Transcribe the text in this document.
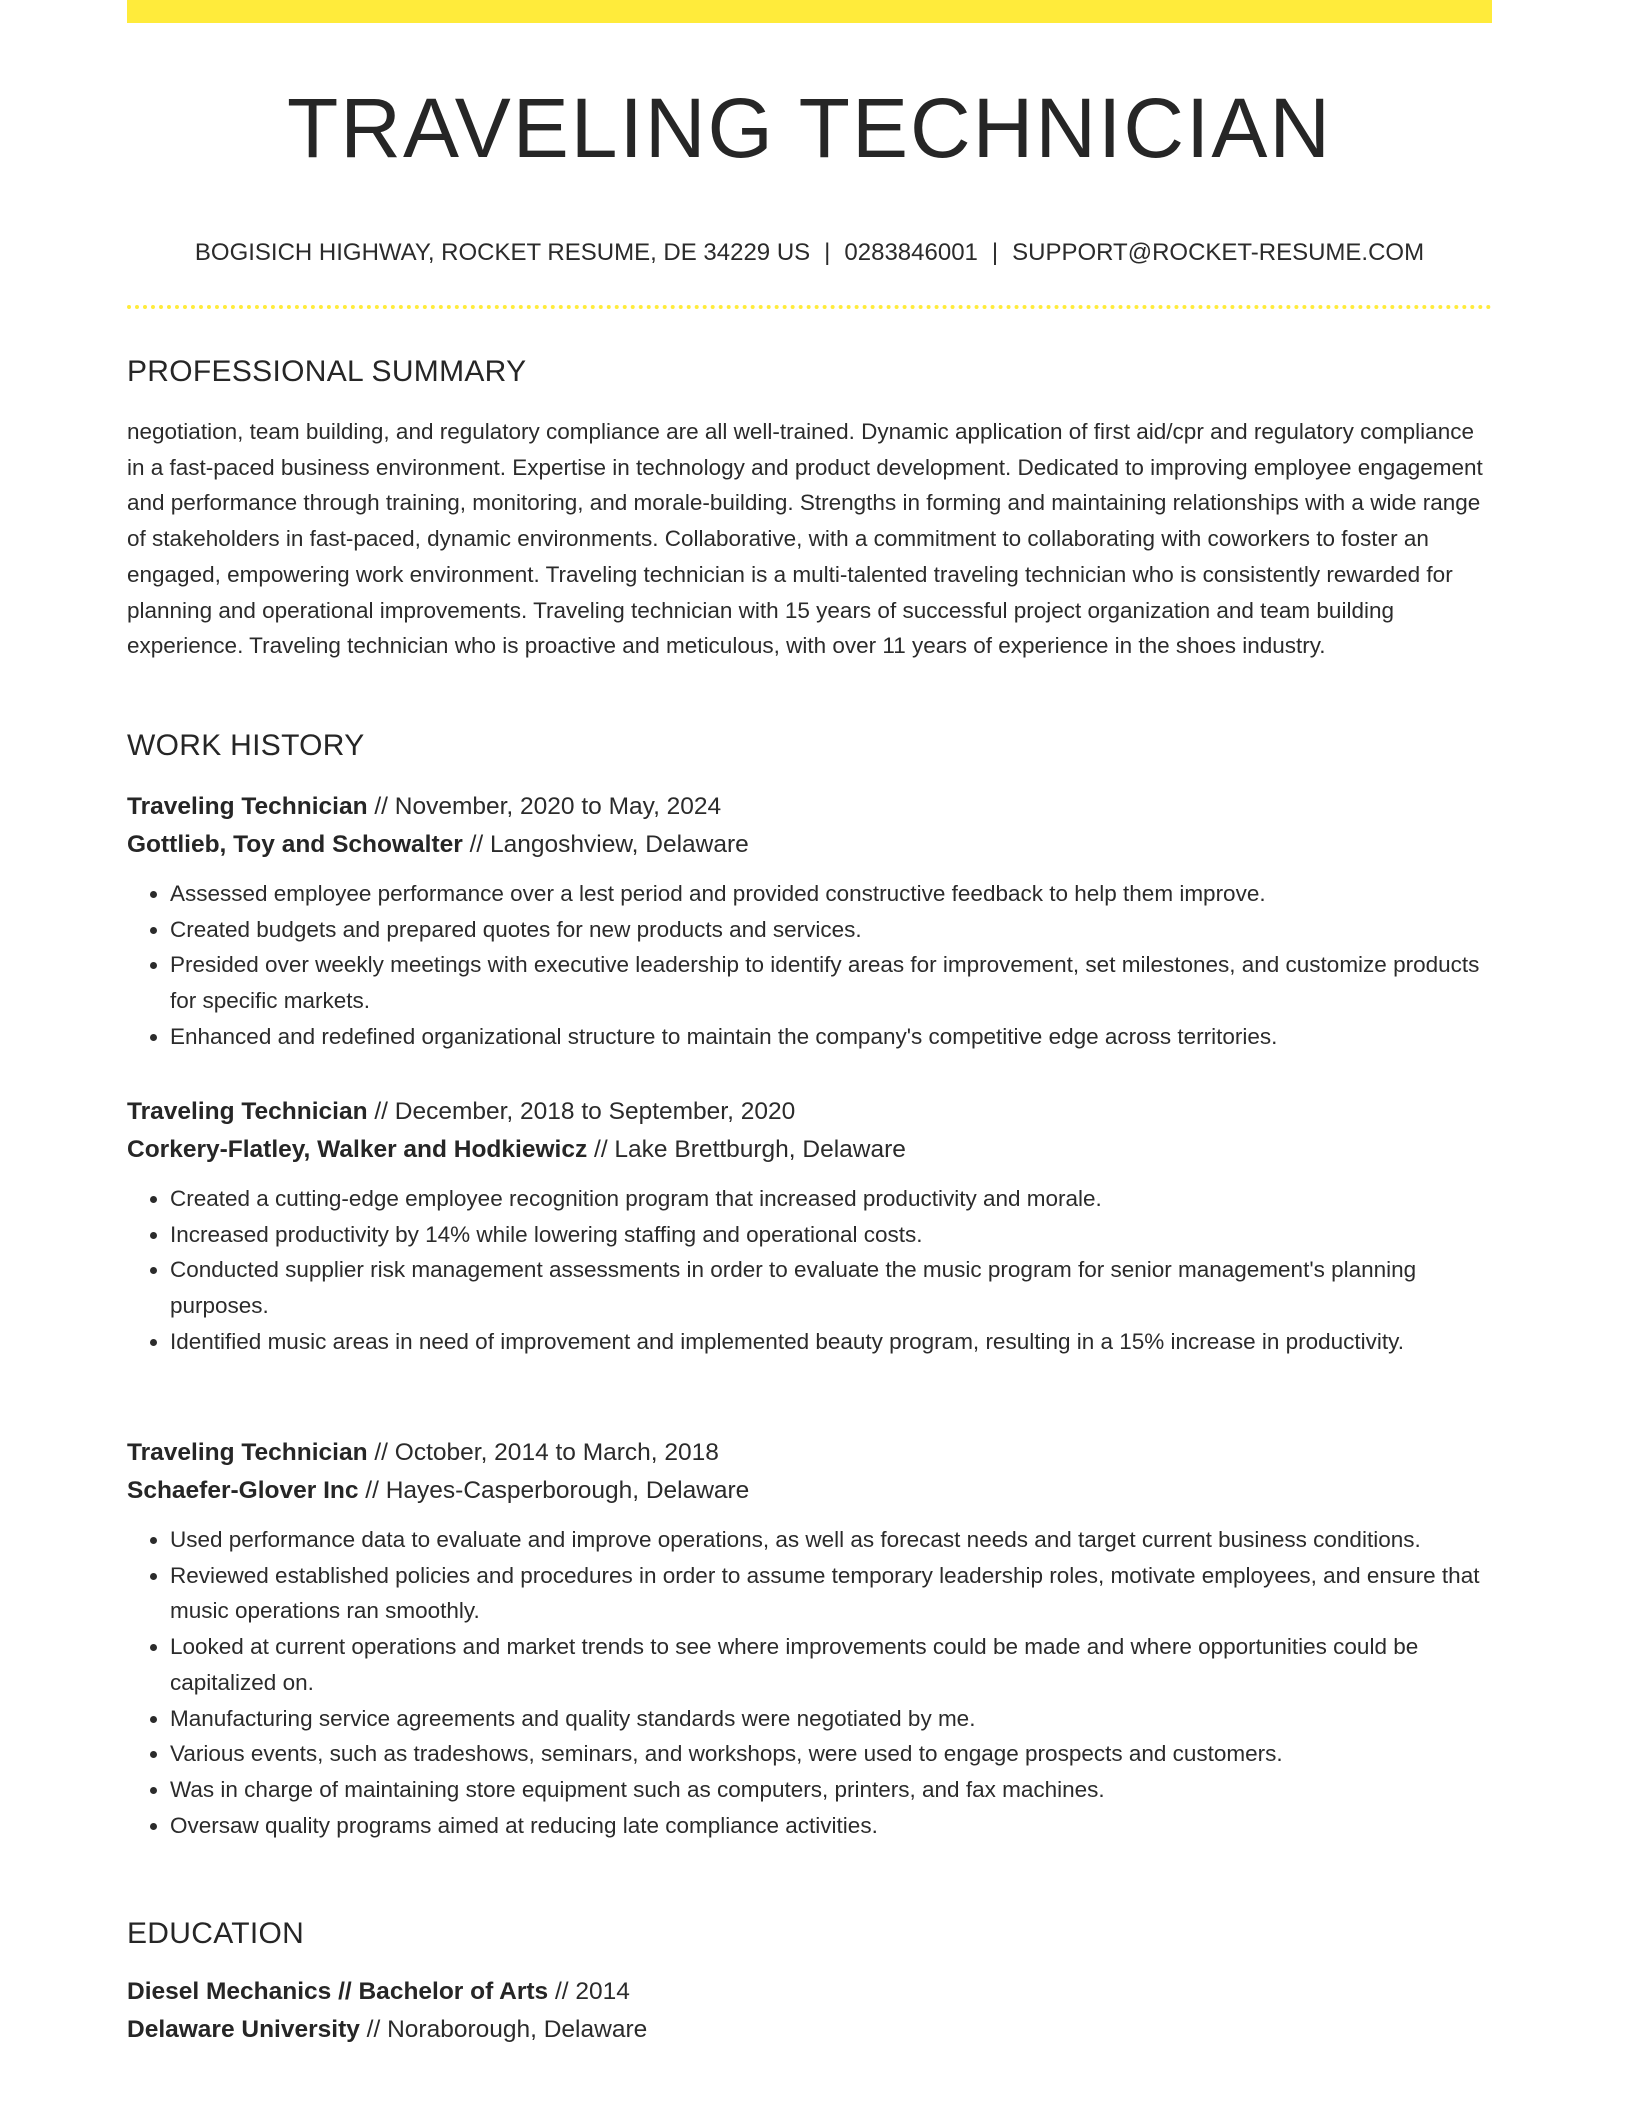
TRAVELING TECHNICIAN
BOGISICH HIGHWAY, ROCKET RESUME, DE 34229 US | 0283846001 | SUPPORT@ROCKET-RESUME.COM
PROFESSIONAL SUMMARY

negotiation, team building, and regulatory compliance are all well-trained. Dynamic application of first aid/cpr and regulatory compliance in a fast-paced business environment. Expertise in technology and product development. Dedicated to improving employee engagement and performance through training, monitoring, and morale-building. Strengths in forming and maintaining relationships with a wide range of stakeholders in fast-paced, dynamic environments. Collaborative, with a commitment to collaborating with coworkers to foster an engaged, empowering work environment. Traveling technician is a multi-talented traveling technician who is consistently rewarded for planning and operational improvements. Traveling technician with 15 years of successful project organization and team building experience. Traveling technician who is proactive and meticulous, with over 11 years of experience in the shoes industry.

WORK HISTORY
Traveling Technician // November, 2020 to May, 2024
Gottlieb, Toy and Schowalter // Langoshview, Delaware
• Assessed employee performance over a lest period and provided constructive feedback to help them improve.
• Created budgets and prepared quotes for new products and services.
• Presided over weekly meetings with executive leadership to identify areas for improvement, set milestones, and customize products for specific markets.
• Enhanced and redefined organizational structure to maintain the company's competitive edge across territories.
Traveling Technician // December, 2018 to September, 2020
Corkery-Flatley, Walker and Hodkiewicz // Lake Brettburgh, Delaware
• Created a cutting-edge employee recognition program that increased productivity and morale.
• Increased productivity by 14% while lowering staffing and operational costs.
• Conducted supplier risk management assessments in order to evaluate the music program for senior management's planning purposes.
• Identified music areas in need of improvement and implemented beauty program, resulting in a 15% increase in productivity.
Traveling Technician // October, 2014 to March, 2018
Schaefer-Glover Inc // Hayes-Casperborough, Delaware
• Used performance data to evaluate and improve operations, as well as forecast needs and target current business conditions.
• Reviewed established policies and procedures in order to assume temporary leadership roles, motivate employees, and ensure that music operations ran smoothly.
• Looked at current operations and market trends to see where improvements could be made and where opportunities could be capitalized on.
• Manufacturing service agreements and quality standards were negotiated by me.
• Various events, such as tradeshows, seminars, and workshops, were used to engage prospects and customers.
• Was in charge of maintaining store equipment such as computers, printers, and fax machines.
• Oversaw quality programs aimed at reducing late compliance activities.
EDUCATION
Diesel Mechanics // Bachelor of Arts // 2014
Delaware University // Noraborough, Delaware
